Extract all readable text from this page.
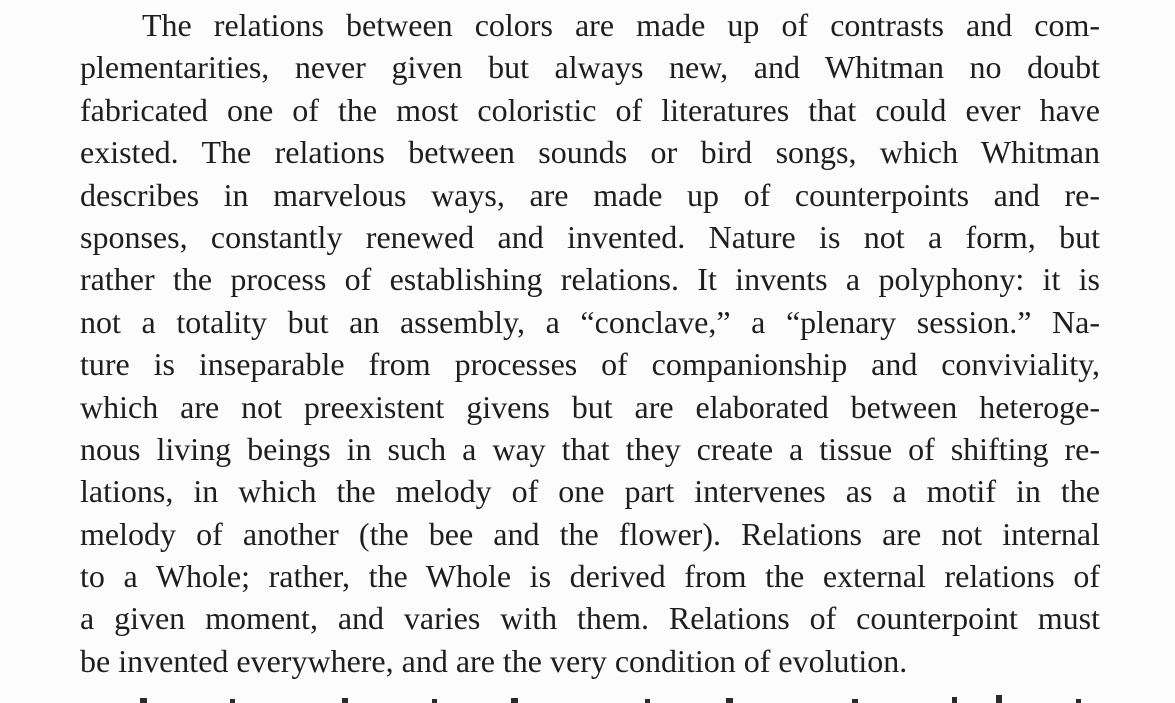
The relations between colors are made up of contrasts and com-
plementarities, never given but always new, and Whitman no doubt
fabricated one of the most coloristic of literatures that could ever have
existed. The relations between sounds or bird songs, which Whitman
describes in marvelous ways, are made up of counterpoints and re-
sponses, constantly renewed and invented. Nature is not a form, but
rather the process of establishing relations. It invents a polyphony: it is
not a totality but an assembly, a “conclave,” a “plenary session.” Na-
ture is inseparable from processes of companionship and conviviality,
which are not preexistent givens but are elaborated between heteroge-
nous living beings in such a way that they create a tissue of shifting re-
lations, in which the melody of one part intervenes as a motif in the
melody of another (the bee and the flower). Relations are not internal
to a Whole; rather, the Whole is derived from the external relations of
a given moment, and varies with them. Relations of counterpoint must
be invented everywhere, and are the very condition of evolution.
